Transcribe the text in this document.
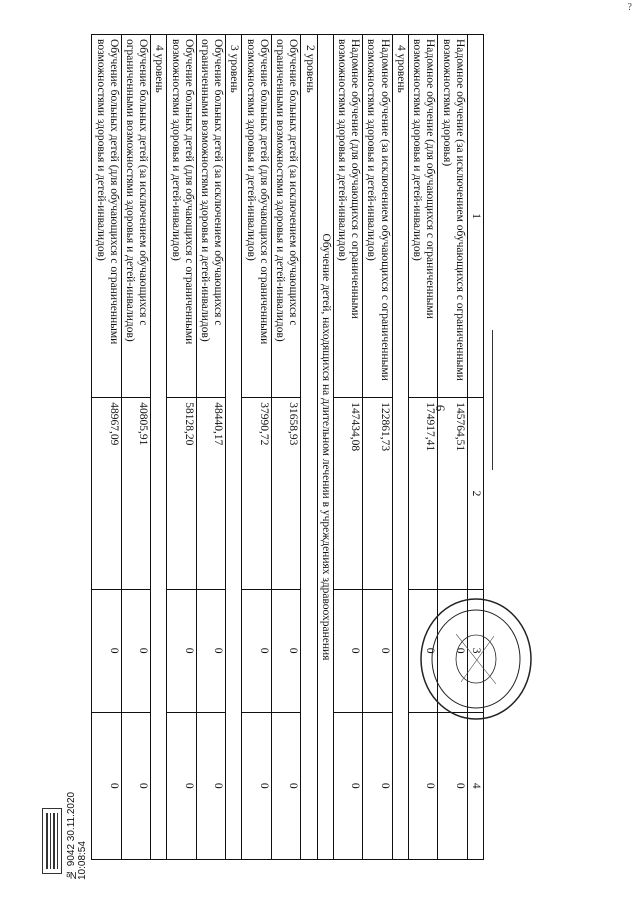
?
6
1	2	3	4
Надомное обучение (за исключением обучающихся с ограниченными возможностями здоровья)	145764,51	0	0
Надомное обучение (для обучающихся с ограниченными возможностями здоровья и детей-инвалидов)	174917,41	0	0
4 уровень			
Надомное обучение (за исключением обучающихся с ограниченными возможностями здоровья и детей-инвалидов)	122861,73	0	0
Надомное обучение (для обучающихся с ограниченными возможностями здоровья и детей-инвалидов)	147434,08	0	0
Обучение детей, находящихся на длительном лечении в учреждениях здравоохранения			
2 уровень			
Обучение больных детей (за исключением обучающихся с ограниченными возможностями здоровья и детей-инвалидов)	31658,93	0	0
Обучение больных детей (для обучающихся с ограниченными возможностями здоровья и детей-инвалидов)	37990,72	0	0
3 уровень			
Обучение больных детей (за исключением обучающихся с ограниченными возможностями здоровья и детей-инвалидов)	48440,17	0	0
Обучение больных детей (для обучающихся с ограниченными возможностями здоровья и детей-инвалидов)	58128,20	0	0
4 уровень			
Обучение больных детей (за исключением обучающихся с ограниченными возможностями здоровья и детей-инвалидов)	40805,91	0	0
Обучение больных детей (для обучающихся с ограниченными возможностями здоровья и детей-инвалидов)	48967,09	0	0
№ 9042 30.11.2020 10:08:54
